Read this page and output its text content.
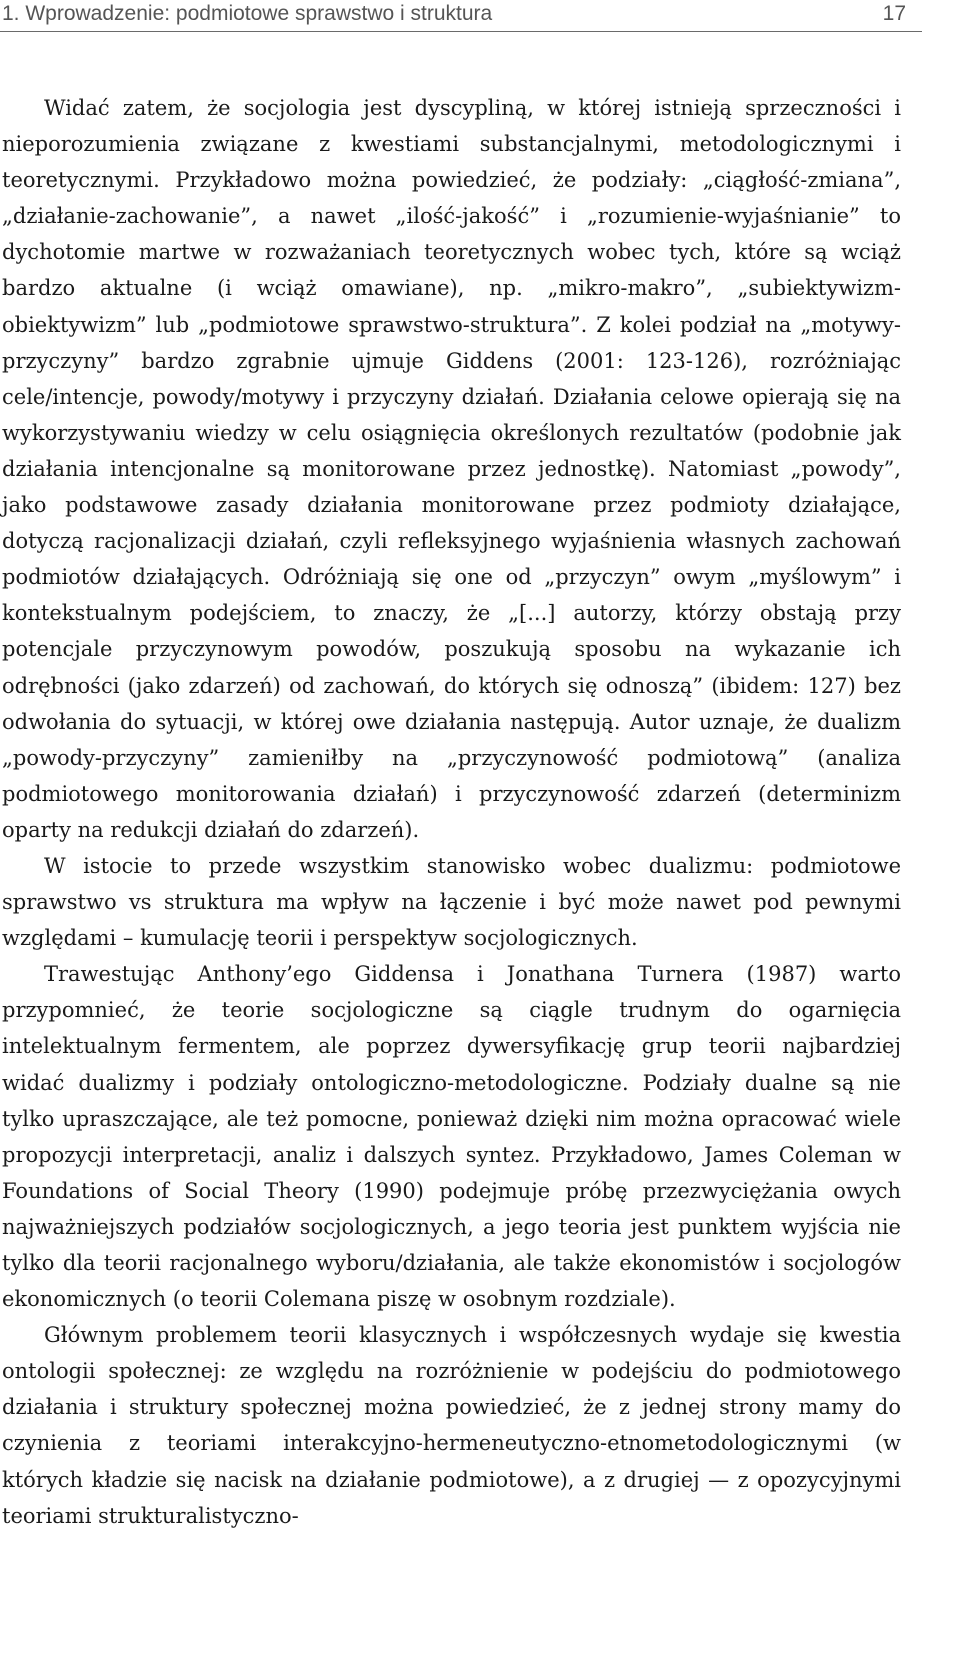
1. Wprowadzenie: podmiotowe sprawstwo i struktura	17

Widać zatem, że socjologia jest dyscypliną, w której istnieją sprzeczności i nieporozumienia związane z kwestiami substancjalnymi, metodologicznymi i teoretycznymi. Przykładowo można powiedzieć, że podziały: „ciągłość-zmiana”, „działanie-zachowanie”, a nawet „ilość-jakość” i „rozumienie-wyjaśnianie” to dychotomie martwe w rozważaniach teoretycznych wobec tych, które są wciąż bardzo aktualne (i wciąż omawiane), np. „mikro-makro”, „subiektywizm-obiektywizm” lub „podmiotowe sprawstwo-struktura”. Z kolei podział na „motywy-przyczyny” bardzo zgrabnie ujmuje Giddens (2001: 123-126), rozróżniając cele/intencje, powody/motywy i przyczyny działań. Działania celowe opierają się na wykorzystywaniu wiedzy w celu osiągnięcia określonych rezultatów (podobnie jak działania intencjonalne są monitorowane przez jednostkę). Natomiast „powody”, jako podstawowe zasady działania monitorowane przez podmioty działające, dotyczą racjonalizacji działań, czyli refleksyjnego wyjaśnienia własnych zachowań podmiotów działających. Odróżniają się one od „przyczyn” owym „myślowym” i kontekstualnym podejściem, to znaczy, że „[...] autorzy, którzy obstają przy potencjale przyczynowym powodów, poszukują sposobu na wykazanie ich odrębności (jako zdarzeń) od zachowań, do których się odnoszą” (ibidem: 127) bez odwołania do sytuacji, w której owe działania następują. Autor uznaje, że dualizm „powody-przyczyny” zamieniłby na „przyczynowość podmiotową” (analiza podmiotowego monitorowania działań) i przyczynowość zdarzeń (determinizm oparty na redukcji działań do zdarzeń).

W istocie to przede wszystkim stanowisko wobec dualizmu: podmiotowe sprawstwo vs struktura ma wpływ na łączenie i być może nawet pod pewnymi względami – kumulację teorii i perspektyw socjologicznych.

Trawestując Anthony’ego Giddensa i Jonathana Turnera (1987) warto przypomnieć, że teorie socjologiczne są ciągle trudnym do ogarnięcia intelektualnym fermentem, ale poprzez dywersyfikację grup teorii najbardziej widać dualizmy i podziały ontologiczno-metodologiczne. Podziały dualne są nie tylko upraszczające, ale też pomocne, ponieważ dzięki nim można opracować wiele propozycji interpretacji, analiz i dalszych syntez. Przykładowo, James Coleman w Foundations of Social Theory (1990) podejmuje próbę przezwyciężania owych najważniejszych podziałów socjologicznych, a jego teoria jest punktem wyjścia nie tylko dla teorii racjonalnego wyboru/działania, ale także ekonomistów i socjologów ekonomicznych (o teorii Colemana piszę w osobnym rozdziale).

Głównym problemem teorii klasycznych i współczesnych wydaje się kwestia ontologii społecznej: ze względu na rozróżnienie w podejściu do podmiotowego działania i struktury społecznej można powiedzieć, że z jednej strony mamy do czynienia z teoriami interakcyjno-hermeneutyczno-etnometodologicznymi (w których kładzie się nacisk na działanie podmiotowe), a z drugiej — z opozycyjnymi teoriami strukturalistyczno-
